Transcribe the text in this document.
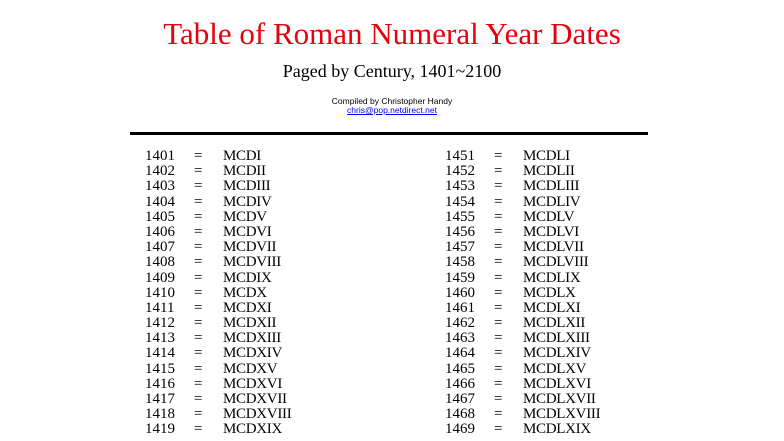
Table of Roman Numeral Year Dates
Paged by Century, 1401~2100
Compiled by Christopher Handy
chris@pop.netdirect.net
1401 = MCDI
1402 = MCDII
1403 = MCDIII
1404 = MCDIV
1405 = MCDV
1406 = MCDVI
1407 = MCDVII
1408 = MCDVIII
1409 = MCDIX
1410 = MCDX
1411 = MCDXI
1412 = MCDXII
1413 = MCDXIII
1414 = MCDXIV
1415 = MCDXV
1416 = MCDXVI
1417 = MCDXVII
1418 = MCDXVIII
1419 = MCDXIX
1451 = MCDLI
1452 = MCDLII
1453 = MCDLIII
1454 = MCDLIV
1455 = MCDLV
1456 = MCDLVI
1457 = MCDLVII
1458 = MCDLVIII
1459 = MCDLIX
1460 = MCDLX
1461 = MCDLXI
1462 = MCDLXII
1463 = MCDLXIII
1464 = MCDLXIV
1465 = MCDLXV
1466 = MCDLXVI
1467 = MCDLXVII
1468 = MCDLXVIII
1469 = MCDLXIX
